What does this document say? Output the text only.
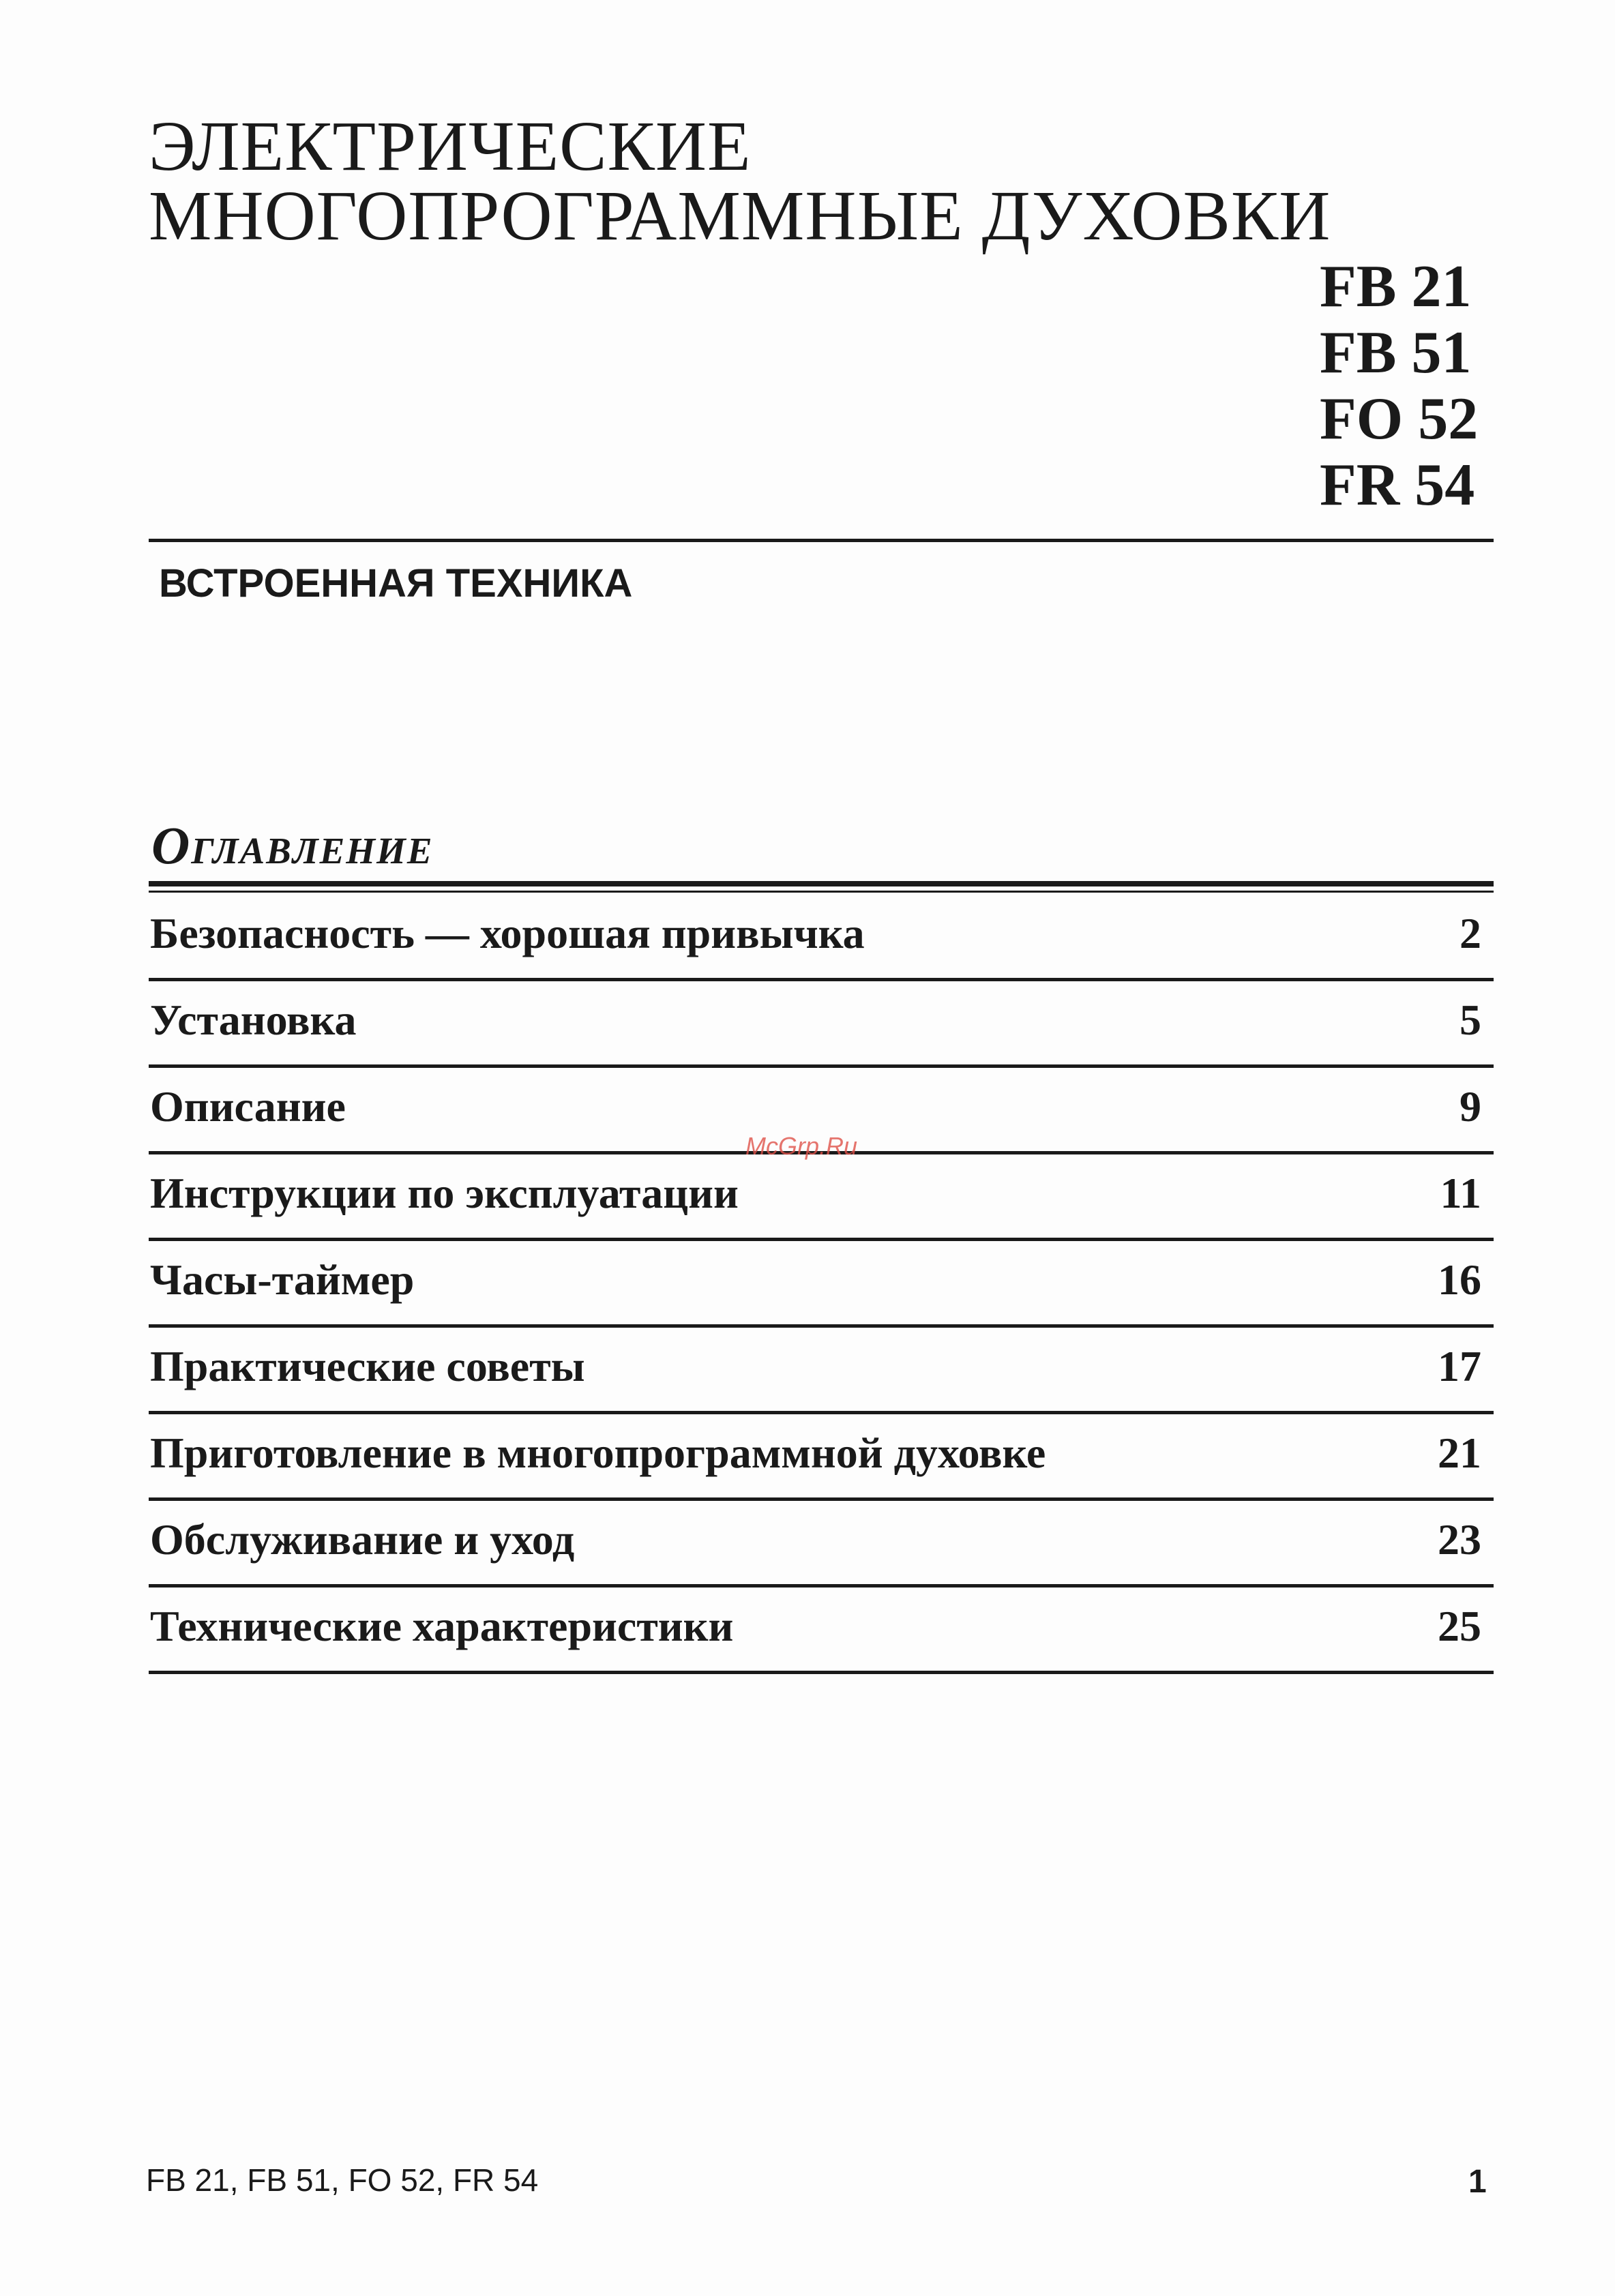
ЭЛЕКТРИЧЕСКИЕ
МНОГОПРОГРАММНЫЕ ДУХОВКИ
FB 21
FB 51
FO 52
FR 54
ВСТРОЕННАЯ ТЕХНИКА
Оглавление
Безопасность — хорошая привычка	2
Установка	5
Описание	9
Инструкции по эксплуатации	11
Часы-таймер	16
Практические советы	17
Приготовление в многопрограммной духовке	21
Обслуживание и уход	23
Технические характеристики	25
McGrp.Ru
FB 21, FB 51, FO 52, FR 54	1
